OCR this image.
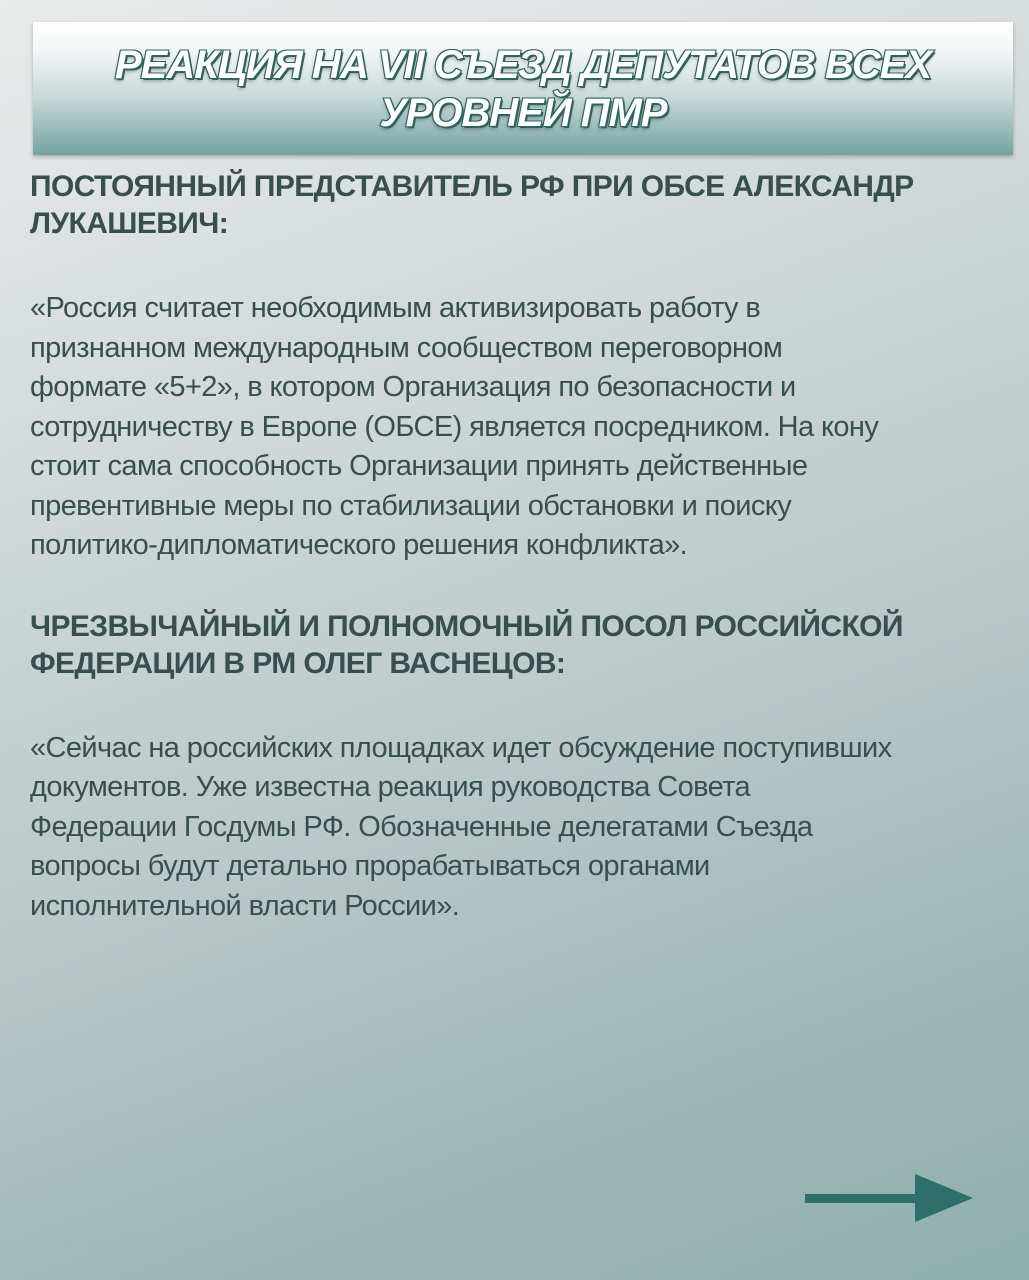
РЕАКЦИЯ НА VII СЪЕЗД ДЕПУТАТОВ ВСЕХ
УРОВНЕЙ ПМР
ПОСТОЯННЫЙ ПРЕДСТАВИТЕЛЬ РФ ПРИ ОБСЕ АЛЕКСАНДР
ЛУКАШЕВИЧ:

«Россия считает необходимым активизировать работу в
признанном международным сообществом переговорном
формате «5+2», в котором Организация по безопасности и
сотрудничеству в Европе (ОБСЕ) является посредником. На кону
стоит сама способность Организации принять действенные
превентивные меры по стабилизации обстановки и поиску
политико-дипломатического решения конфликта».

ЧРЕЗВЫЧАЙНЫЙ И ПОЛНОМОЧНЫЙ ПОСОЛ РОССИЙСКОЙ
ФЕДЕРАЦИИ В РМ ОЛЕГ ВАСНЕЦОВ:

«Сейчас на российских площадках идет обсуждение поступивших
документов. Уже известна реакция руководства Совета
Федерации Госдумы РФ. Обозначенные делегатами Съезда
вопросы будут детально прорабатываться органами
исполнительной власти России».

vspmr.org
